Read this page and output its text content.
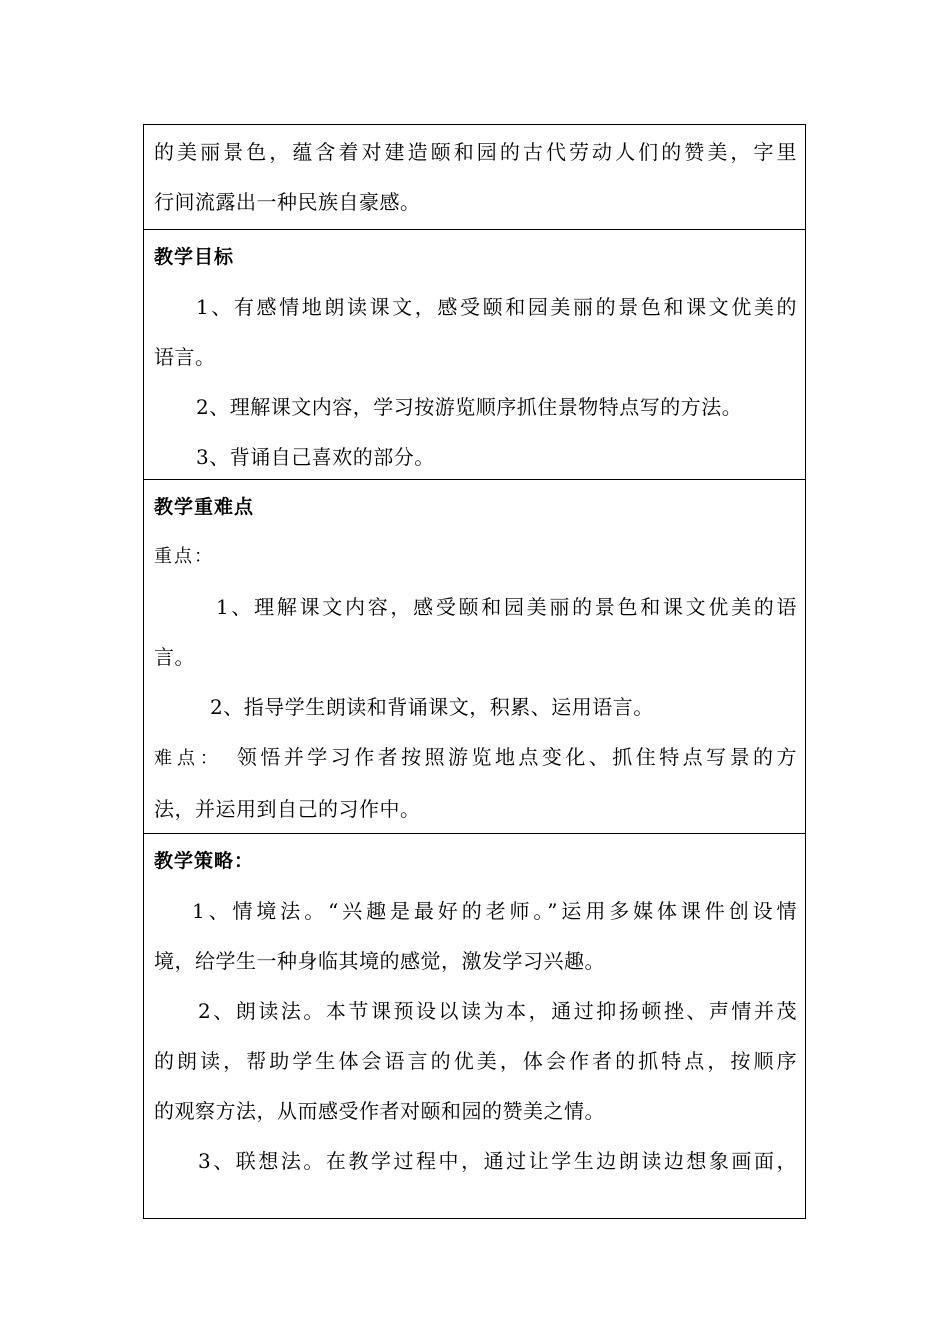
的美丽景色，蕴含着对建造颐和园的古代劳动人们的赞美，字里
行间流露出一种民族自豪感。
教学目标
1、有感情地朗读课文，感受颐和园美丽的景色和课文优美的
语言。
2、理解课文内容，学习按游览顺序抓住景物特点写的方法。
3、背诵自己喜欢的部分。
教学重难点
重点：
1、理解课文内容，感受颐和园美丽的景色和课文优美的语
言。
2、指导学生朗读和背诵课文，积累、运用语言。
难点： 领悟并学习作者按照游览地点变化、抓住特点写景的方
法，并运用到自己的习作中。
教学策略：
1、情境法。“兴趣是最好的老师。”运用多媒体课件创设情
境，给学生一种身临其境的感觉，激发学习兴趣。
2、朗读法。本节课预设以读为本，通过抑扬顿挫、声情并茂
的朗读，帮助学生体会语言的优美，体会作者的抓特点，按顺序
的观察方法，从而感受作者对颐和园的赞美之情。
3、联想法。在教学过程中，通过让学生边朗读边想象画面，
